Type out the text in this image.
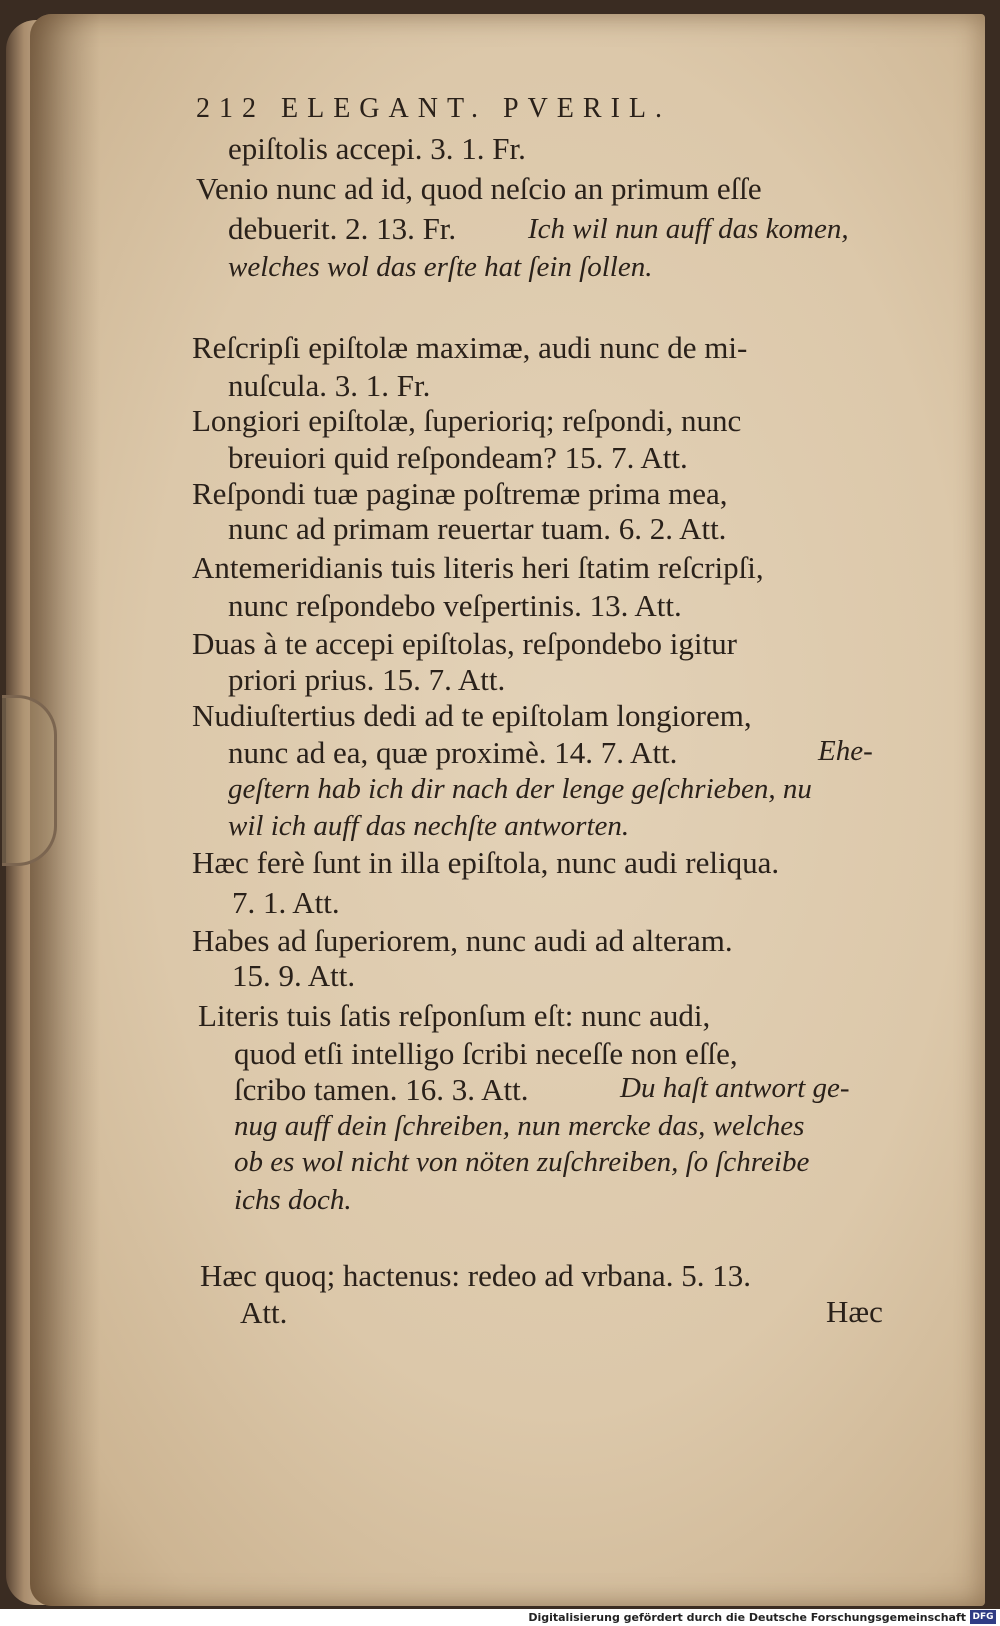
212 ELEGANT. PVERIL.
epiſtolis accepi. 3. 1. Fr.
Venio nunc ad id, quod neſcio an primum eſſe
debuerit. 2. 13. Fr. Ich wil nun auff das komen,
welches wol das erſte hat ſein ſollen.
Reſcripſi epiſtolæ maximæ, audi nunc de mi-
nuſcula. 3. 1. Fr.
Longiori epiſtolæ, ſuperioriq; reſpondi, nunc
breuiori quid reſpondeam? 15. 7. Att.
Reſpondi tuæ paginæ poſtremæ prima mea,
nunc ad primam reuertar tuam. 6. 2. Att.
Antemeridianis tuis literis heri ſtatim reſcripſi,
nunc reſpondebo veſpertinis. 13. Att.
Duas à te accepi epiſtolas, reſpondebo igitur
priori prius. 15. 7. Att.
Nudiuſtertius dedi ad te epiſtolam longiorem,
nunc ad ea, quæ proximè. 14. 7. Att.	Ehe-
geſtern hab ich dir nach der lenge geſchrieben, nu
wil ich auff das nechſte antworten.
Hæc ferè ſunt in illa epiſtola, nunc audi reliqua.
7. 1. Att.
Habes ad ſuperiorem, nunc audi ad alteram.
15. 9. Att.
Literis tuis ſatis reſponſum eſt: nunc audi,
quod etſi intelligo ſcribi neceſſe non eſſe,
ſcribo tamen. 16. 3. Att.	Du haſt antwort ge-
nug auff dein ſchreiben, nun mercke das, welches
ob es wol nicht von nöten zuſchreiben, ſo ſchreibe
ichs doch.
Hæc quoq; hactenus: redeo ad vrbana. 5. 13.
Att.	Hæc
Digitalisierung gefördert durch die Deutsche Forschungsgemeinschaft DFG
